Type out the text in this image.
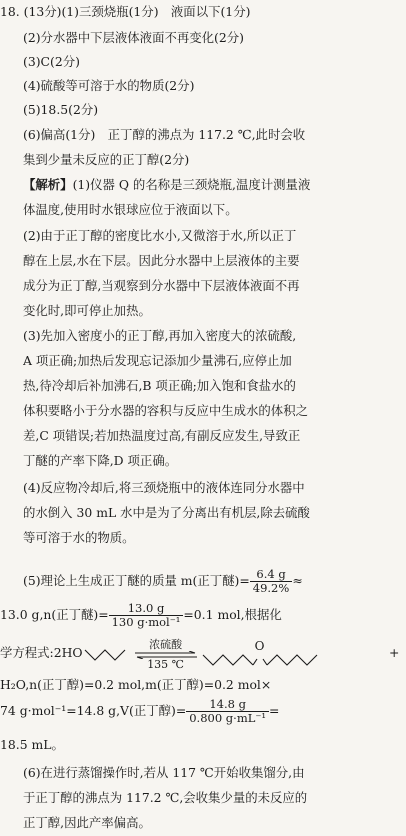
18. (13分)(1)三颈烧瓶(1分)　液面以下(1分)
(2)分水器中下层液体液面不再变化(2分)
(3)C(2分)
(4)硫酸等可溶于水的物质(2分)
(5)18.5(2分)
(6)偏高(1分)　正丁醇的沸点为 117.2 ℃,此时会收
集到少量未反应的正丁醇(2分)
【解析】(1)仪器 Q 的名称是三颈烧瓶,温度计测量液
体温度,使用时水银球应位于液面以下。
(2)由于正丁醇的密度比水小,又微溶于水,所以正丁
醇在上层,水在下层。因此分水器中上层液体的主要
成分为正丁醇,当观察到分水器中下层液体液面不再
变化时,即可停止加热。
(3)先加入密度小的正丁醇,再加入密度大的浓硫酸,
A 项正确;加热后发现忘记添加少量沸石,应停止加
热,待冷却后补加沸石,B 项正确;加入饱和食盐水的
体积要略小于分水器的容积与反应中生成水的体积之
差,C 项错误;若加热温度过高,有副反应发生,导致正
丁醚的产率下降,D 项正确。
(4)反应物冷却后,将三颈烧瓶中的液体连同分水器中
的水倒入 30 mL 水中是为了分离出有机层,除去硫酸
等可溶于水的物质。
(5)理论上生成正丁醚的质量 m(正丁醚)= $\frac{6.4 g}{49.2\%}$ ≈
13.0 g,n(正丁醚)= $\frac{13.0 g}{\text{130 g·mol⁻¹}} =0.1$ mol,根据化
学方程式:2HO
浓硫酸
135 ℃
O	+
H₂O,n(正丁醇)=0.2 mol,m(正丁醇)=0.2 mol×
74 g·mol⁻¹=14.8 g,V(正丁醇)= $\frac{14.8 g}{\text{0.800 g·mL⁻¹}}$ =
18.5 mL。
(6)在进行蒸馏操作时,若从 117 ℃开始收集馏分,由
于正丁醇的沸点为 117.2 ℃,会收集少量的未反应的
正丁醇,因此产率偏高。
